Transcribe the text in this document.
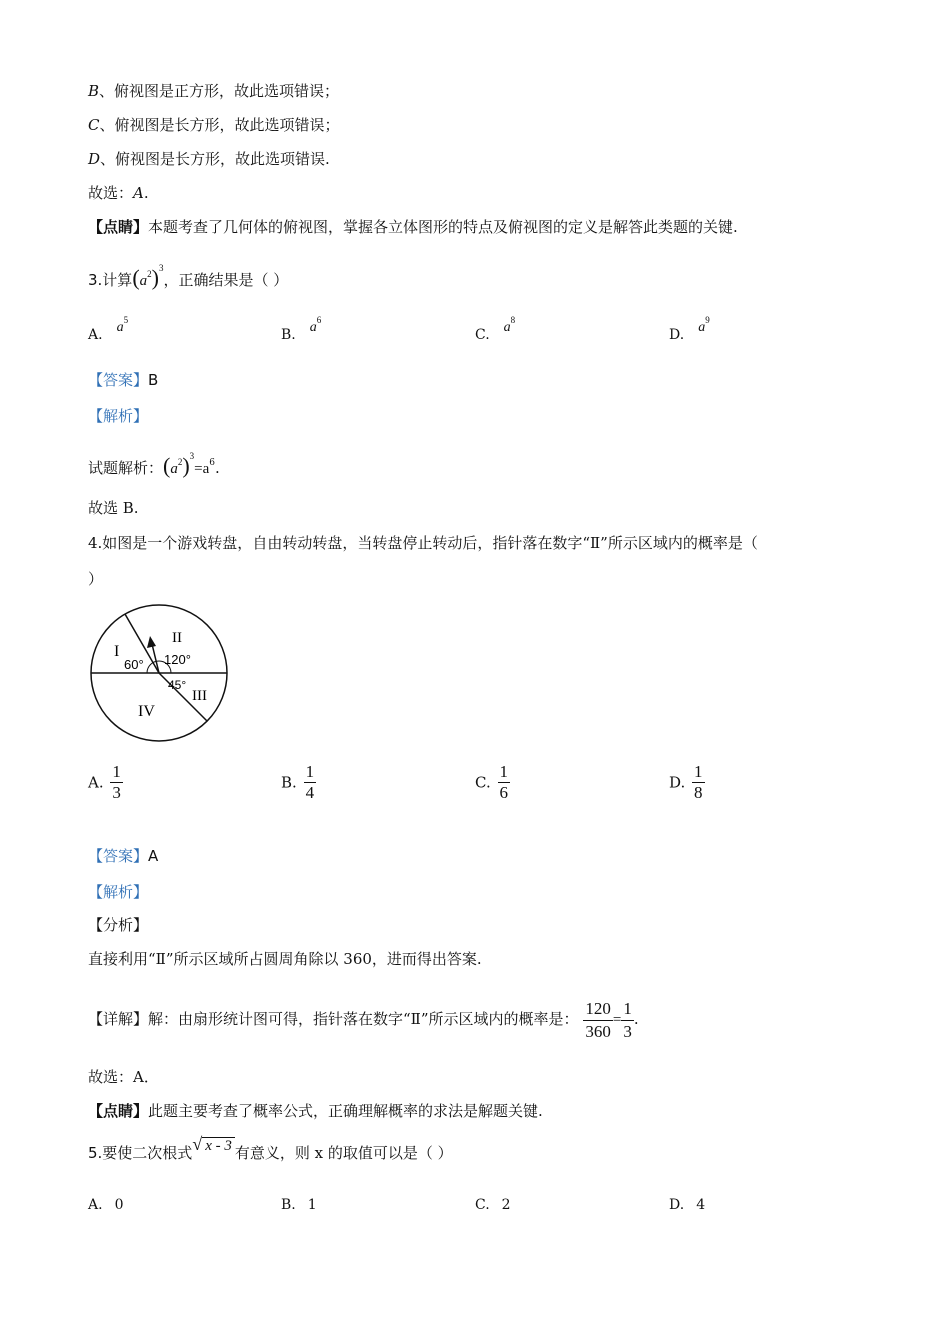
B、俯视图是正方形，故此选项错误；
C、俯视图是长方形，故此选项错误；
D、俯视图是长方形，故此选项错误.
故选：A.
【点睛】本题考查了几何体的俯视图，掌握各立体图形的特点及俯视图的定义是解答此类题的关键.
3.计算$(a^2)^3$，正确结果是（ ）
A. $a^5$
B. $a^6$
C. $a^8$
D. $a^9$
【答案】B
【解析】
试题解析：$(a^2)^3=a^6$.
故选 B.
4.如图是一个游戏转盘，自由转动转盘，当转盘停止转动后，指针落在数字“Ⅱ”所示区域内的概率是（
）
I
II
III
IV
60° 120°
45°
A. $\frac{1}{3}$	B. $\frac{1}{4}$	C. $\frac{1}{6}$	D. $\frac{1}{8}$
【答案】A
【解析】
【分析】
直接利用“Ⅱ”所示区域所占圆周角除以 360，进而得出答案.
【详解】解：由扇形统计图可得，指针落在数字“Ⅱ”所示区域内的概率是： $\frac{120}{360} = \frac{1}{3}$ .
故选：A．
【点睛】此题主要考查了概率公式，正确理解概率的求法是解题关键.
5.要使二次根式√ x - 3 有意义，则 x 的取值可以是（ ）
A. 0	B. 1	C. 2	D. 4
